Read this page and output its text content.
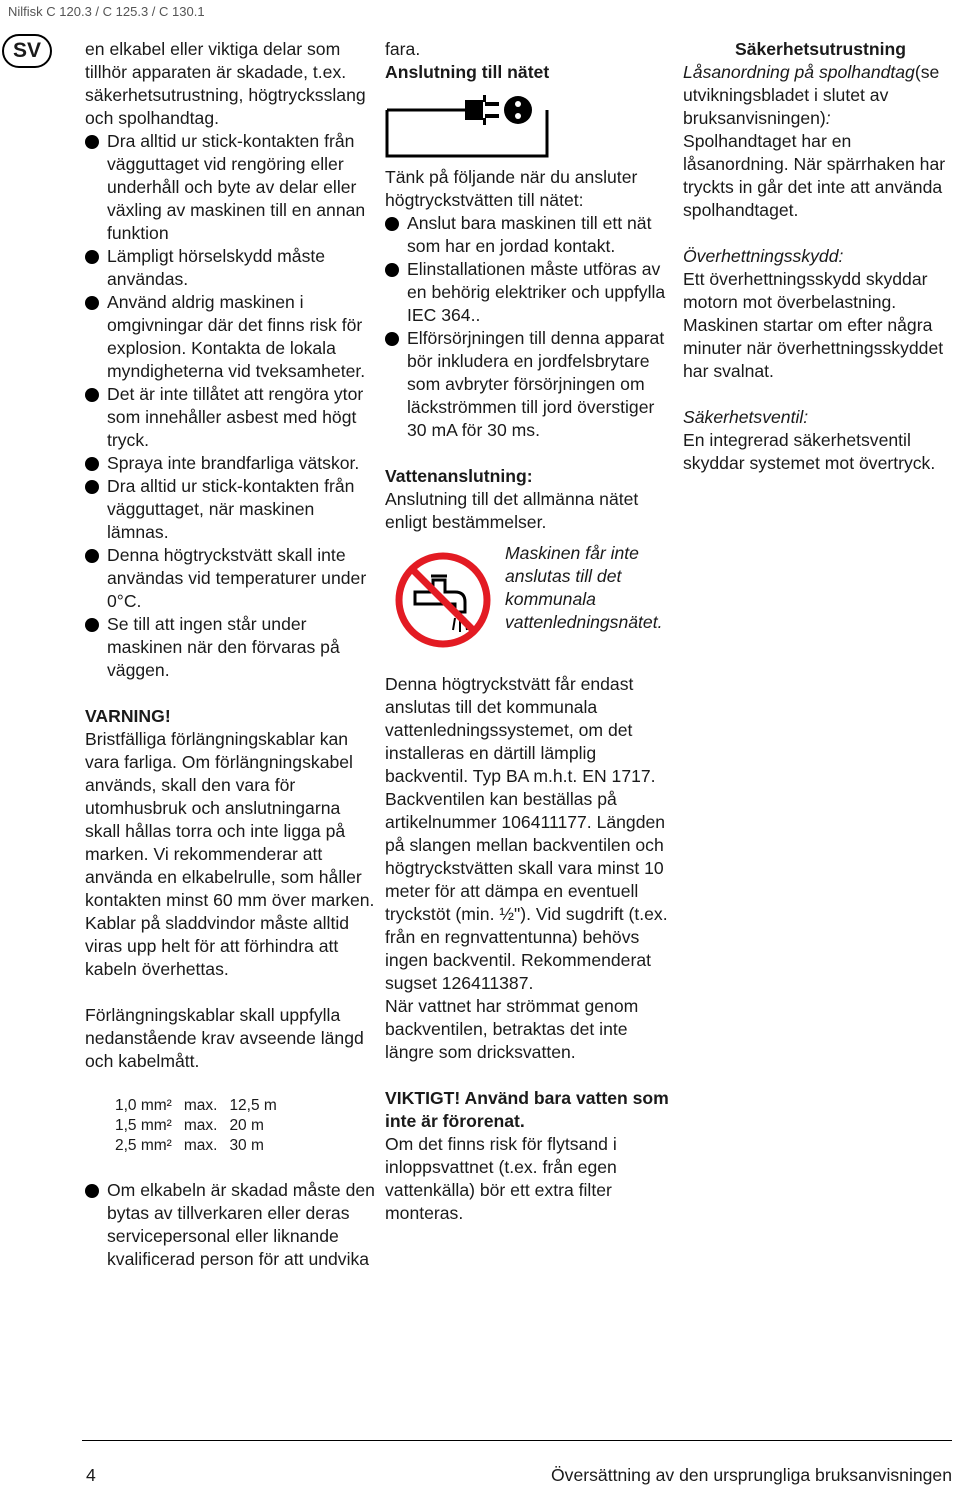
Nilfisk C 120.3 / C 125.3 / C 130.1
SV	en elkabel eller viktiga delar som tillhör apparaten är skadade, t.ex. säkerhetsutrustning, högtrycksslang och spolhandtag.

Dra alltid ur stick-kontakten från vägguttaget vid rengöring eller underhåll och byte av delar eller växling av maskinen till en annan funktion
Lämpligt hörselskydd måste användas.
Använd aldrig maskinen i omgivningar där det finns risk för explosion. Kontakta de lokala myndigheterna vid tveksamheter.
Det är inte tillåtet att rengöra ytor som innehåller asbest med högt tryck.
Spraya inte brandfarliga vätskor.
Dra alltid ur stick-kontakten från vägguttaget, när maskinen lämnas.
Denna högtryckstvätt skall inte användas vid temperaturer under 0°C.
Se till att ingen står under maskinen när den förvaras på väggen.

VARNING!

Bristfälliga förlängningskablar kan vara farliga. Om förlängningskabel används, skall den vara för utomhusbruk och anslutningarna skall hållas torra och inte ligga på marken. Vi rekommenderar att använda en elkabelrulle, som håller kontakten minst 60 mm över marken. Kablar på sladdvindor måste alltid viras upp helt för att förhindra att kabeln överhettas.

Förlängningskablar skall uppfylla nedanstående krav avseende längd och kabelmått.

1,0 mm²	max.	12,5 m
1,5 mm²	max.	20 m
2,5 mm²	max.	30 m
Om elkabeln är skadad måste den bytas av tillverkaren eller deras servicepersonal eller liknande kvalificerad person för att undvika

fara.

Anslutning till nätet

Tänk på följande när du ansluter högtryckstvätten till nätet:

Anslut bara maskinen till ett nät som har en jordad kontakt.
Elinstallationen måste utföras av en behörig elektriker och uppfylla IEC 364..
Elförsörjningen till denna apparat bör inkludera en jordfelsbrytare som avbryter försörjningen om läckströmmen till jord överstiger 30 mA för 30 ms.

Vattenanslutning:

Anslutning till det allmänna nätet enligt bestämmelser.

Maskinen får inte anslutas till det kommunala vattenledningsnätet.

Denna högtryckstvätt får endast anslutas till det kommunala vattenledningssystemet, om det installeras en därtill lämplig backventil. Typ BA m.h.t. EN 1717. Backventilen kan beställas på artikelnummer 106411177. Längden på slangen mellan backventilen och högtryckstvätten skall vara minst 10 meter för att dämpa en eventuell tryckstöt (min. ½"). Vid sugdrift (t.ex. från en regnvattentunna) behövs ingen backventil. Rekommenderat sugset 126411387.

När vattnet har strömmat genom backventilen, betraktas det inte längre som dricksvatten.

VIKTIGT! Använd bara vatten som inte är förorenat.

Om det finns risk för flytsand i inloppsvattnet (t.ex. från egen vattenkälla) bör ett extra filter monteras.

Säkerhetsutrustning

Låsanordning på spolhandtag(se utvikningsbladet i slutet av bruksanvisningen):

Spolhandtaget har en låsanordning. När spärrhaken har tryckts in går det inte att använda spolhandtaget.

Överhettningsskydd:

Ett överhettningsskydd skyddar motorn mot överbelastning. Maskinen startar om efter några minuter när överhettningsskyddet har svalnat.

Säkerhetsventil:

En integrerad säkerhetsventil skyddar systemet mot övertryck.

4	Översättning av den ursprungliga bruksanvisningen
